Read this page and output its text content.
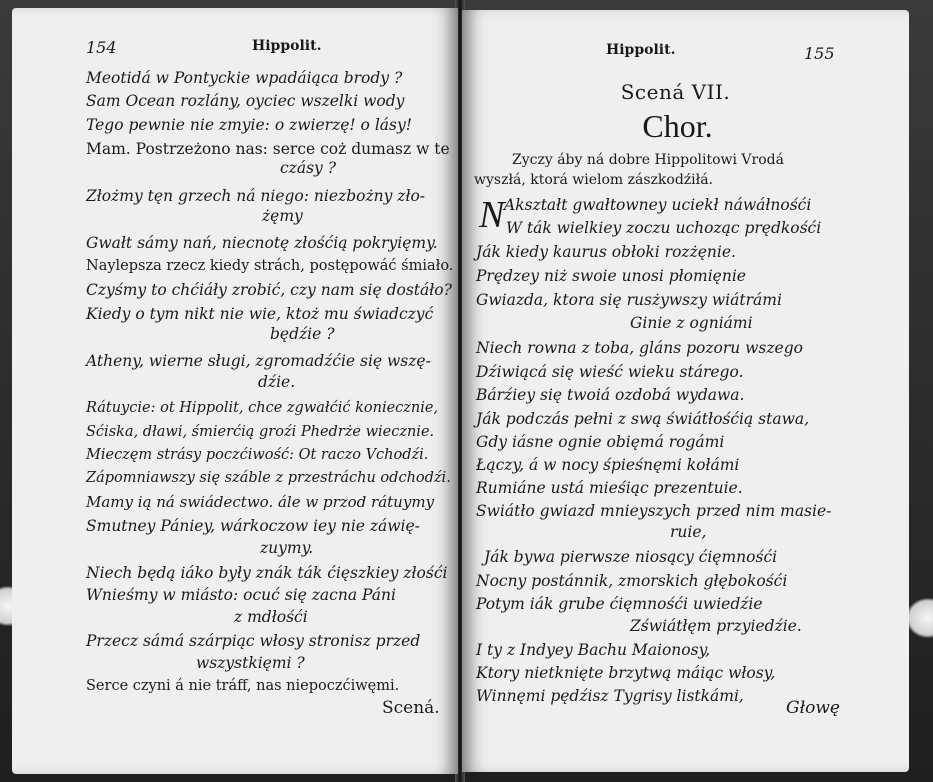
154	Hippolit.
Meotidá w Pontyckie wpadáiąca brody ?
Sam Ocean rozlány, oyciec wszelki wody
Tego pewnie nie zmyie: o zwierzę! o lásy!
Mam. Postrzeżono nas: serce coż dumasz w te
czásy ?
Złożmy tęn grzech ná niego: niezbożny zło-
żęmy
Gwałt sámy nań, niecnotę złośćią pokryięmy.
Naylepsza rzecz kiedy strách, postępowáć śmiało.
Czyśmy to chćiáły zrobić, czy nam się dostáło?
Kiedy o tym nikt nie wie, ktoż mu świadczyć
będźie ?
Atheny, wierne sługi, zgromadźćie się wszę-
dźie.
Rátuycie: ot Hippolit, chce zgwałćić koniecznie,
Sćiska, dławi, śmierćią groźi Phedrże wiecznie.
Mieczęm strásy poczćiwość: Ot raczo Vchodźi.
Zápomniawszy się száble z przestráchu odchodźi.
Mamy ią ná swiádectwo. ále w przod rátuymy
Smutney Pániey, wárkoczow iey nie záwię-
zuymy.
Niech będą iáko były znák ták ćięszkiey złośći
Wnieśmy w miásto: ocuć się zacna Páni
z mdłośći
Przecz sámá szárpiąc włosy stronisz przed
wszystkięmi ?
Serce czyni á nie tráff, nas niepoczćiwęmi.
Scená.
Hippolit.	155
Scená VII.
Chor.
Zyczy áby ná dobre Hippolitowi Vrodá
wyszłá, ktorá wielom zászkodźiłá.
N Akształt gwałtowney uciekł náwáłnośći
W ták wielkiey zoczu uchoząc prędkośći
Ják kiedy kaurus obłoki rozżęnie.
Prędzey niż swoie unosi płomięnie
Gwiazda, ktora się rusżywszy wiátrámi
Ginie z ogniámi
Niech rowna z toba, gláns pozoru wszego
Dźiwiącá się wieść wieku stárego.
Bárźiey się twoiá ozdobá wydawa.
Ják podczás pełni z swą świátłośćią stawa,
Gdy iásne ognie obięmá rogámi
Łączy, á w nocy śpieśnęmi kołámi
Rumiáne ustá mieśiąc prezentuie.
Swiátło gwiazd mnieyszych przed nim masie-
ruie,
Ják bywa pierwsze niosący ćięmnośći
Nocny postánnik, zmorskich głębokośći
Potym iák grube ćięmnośći uwiedźie
Zświátłęm przyiedźie.
I ty z Indyey Bachu Maionosy,
Ktory nietknięte brzytwą máiąc włosy,
Winnęmi pędźisz Tygrisy listkámi,
Głowę
